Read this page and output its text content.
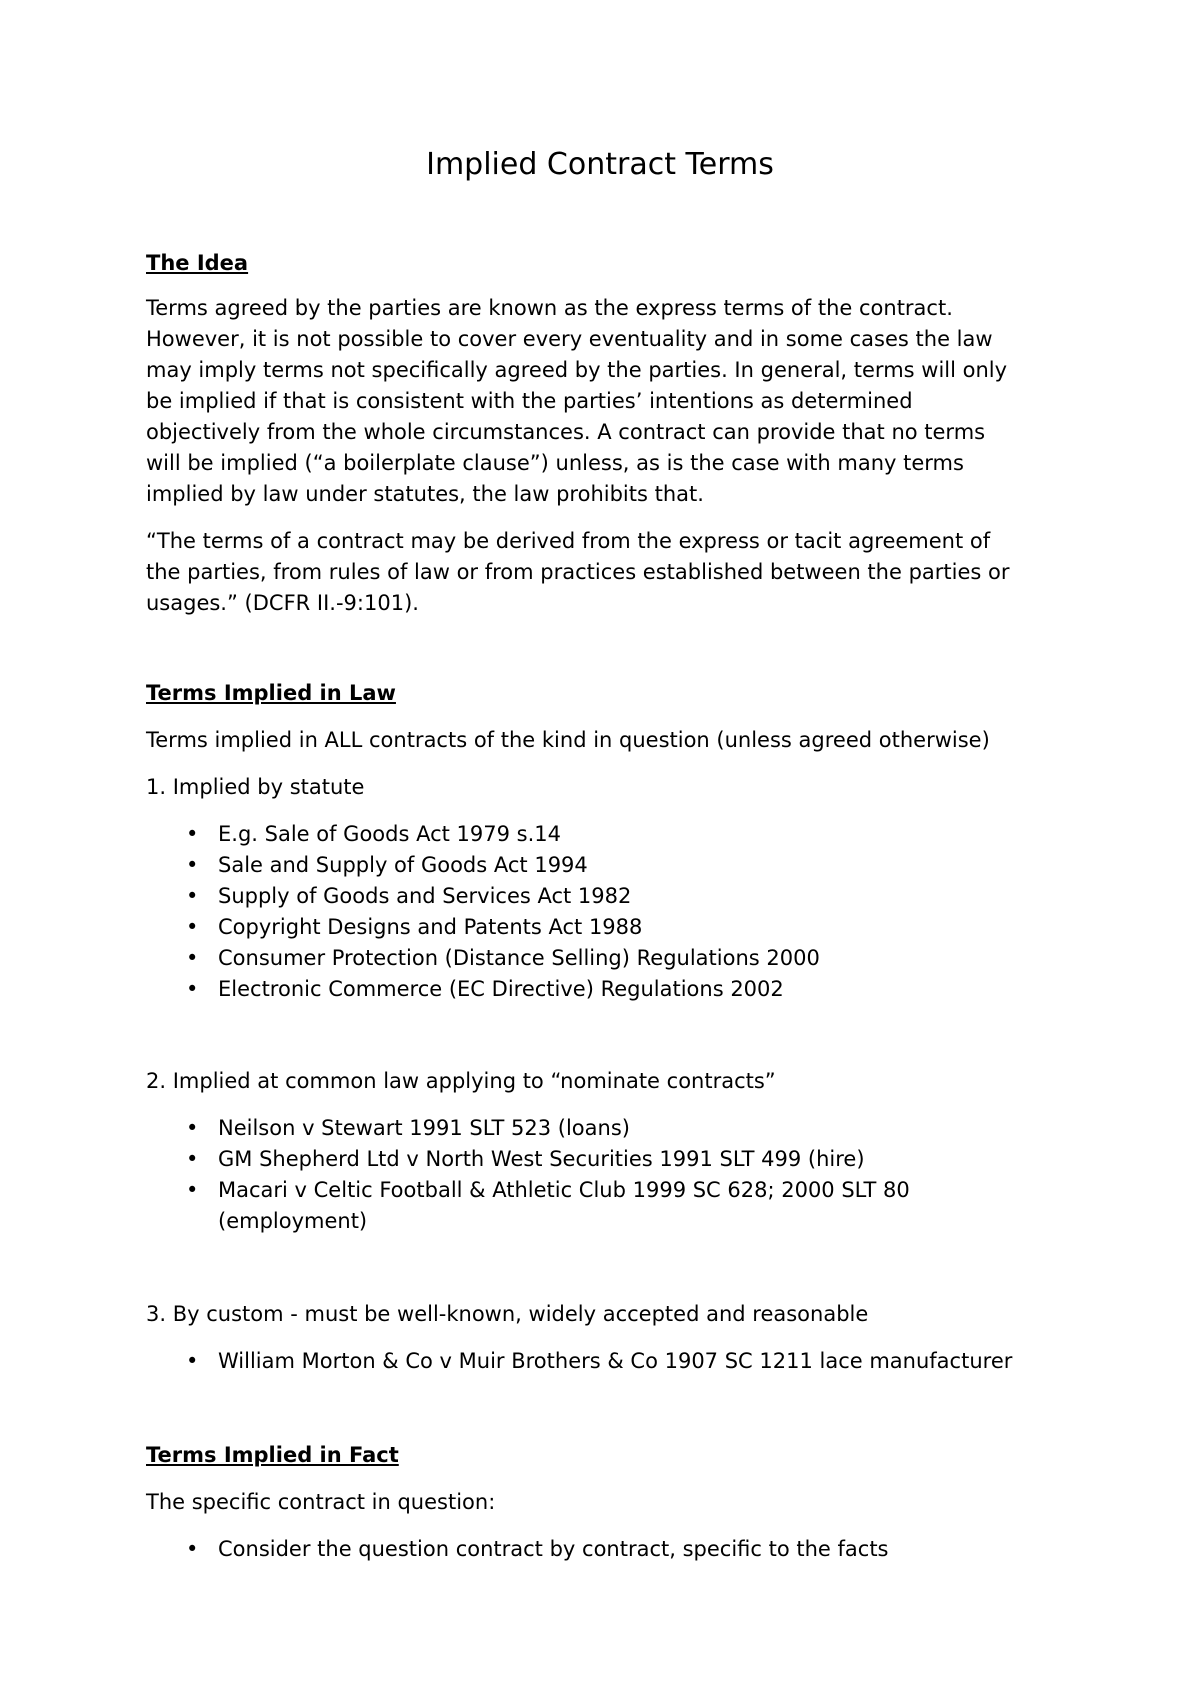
Implied Contract Terms
The Idea

Terms agreed by the parties are known as the express terms of the contract.
However, it is not possible to cover every eventuality and in some cases the law
may imply terms not specifically agreed by the parties. In general, terms will only
be implied if that is consistent with the parties’ intentions as determined
objectively from the whole circumstances. A contract can provide that no terms
will be implied (“a boilerplate clause”) unless, as is the case with many terms
implied by law under statutes, the law prohibits that.

“The terms of a contract may be derived from the express or tacit agreement of
the parties, from rules of law or from practices established between the parties or
usages.” (DCFR II.-9:101).

Terms Implied in Law

Terms implied in ALL contracts of the kind in question (unless agreed otherwise)

1. Implied by statute

• E.g. Sale of Goods Act 1979 s.14
• Sale and Supply of Goods Act 1994
• Supply of Goods and Services Act 1982
• Copyright Designs and Patents Act 1988
• Consumer Protection (Distance Selling) Regulations 2000
• Electronic Commerce (EC Directive) Regulations 2002

2. Implied at common law applying to “nominate contracts”

• Neilson v Stewart 1991 SLT 523 (loans)
• GM Shepherd Ltd v North West Securities 1991 SLT 499 (hire)
• Macari v Celtic Football & Athletic Club 1999 SC 628; 2000 SLT 80
(employment)

3. By custom - must be well-known, widely accepted and reasonable

• William Morton & Co v Muir Brothers & Co 1907 SC 1211 lace manufacturer
Terms Implied in Fact

The specific contract in question:

• Consider the question contract by contract, specific to the facts
